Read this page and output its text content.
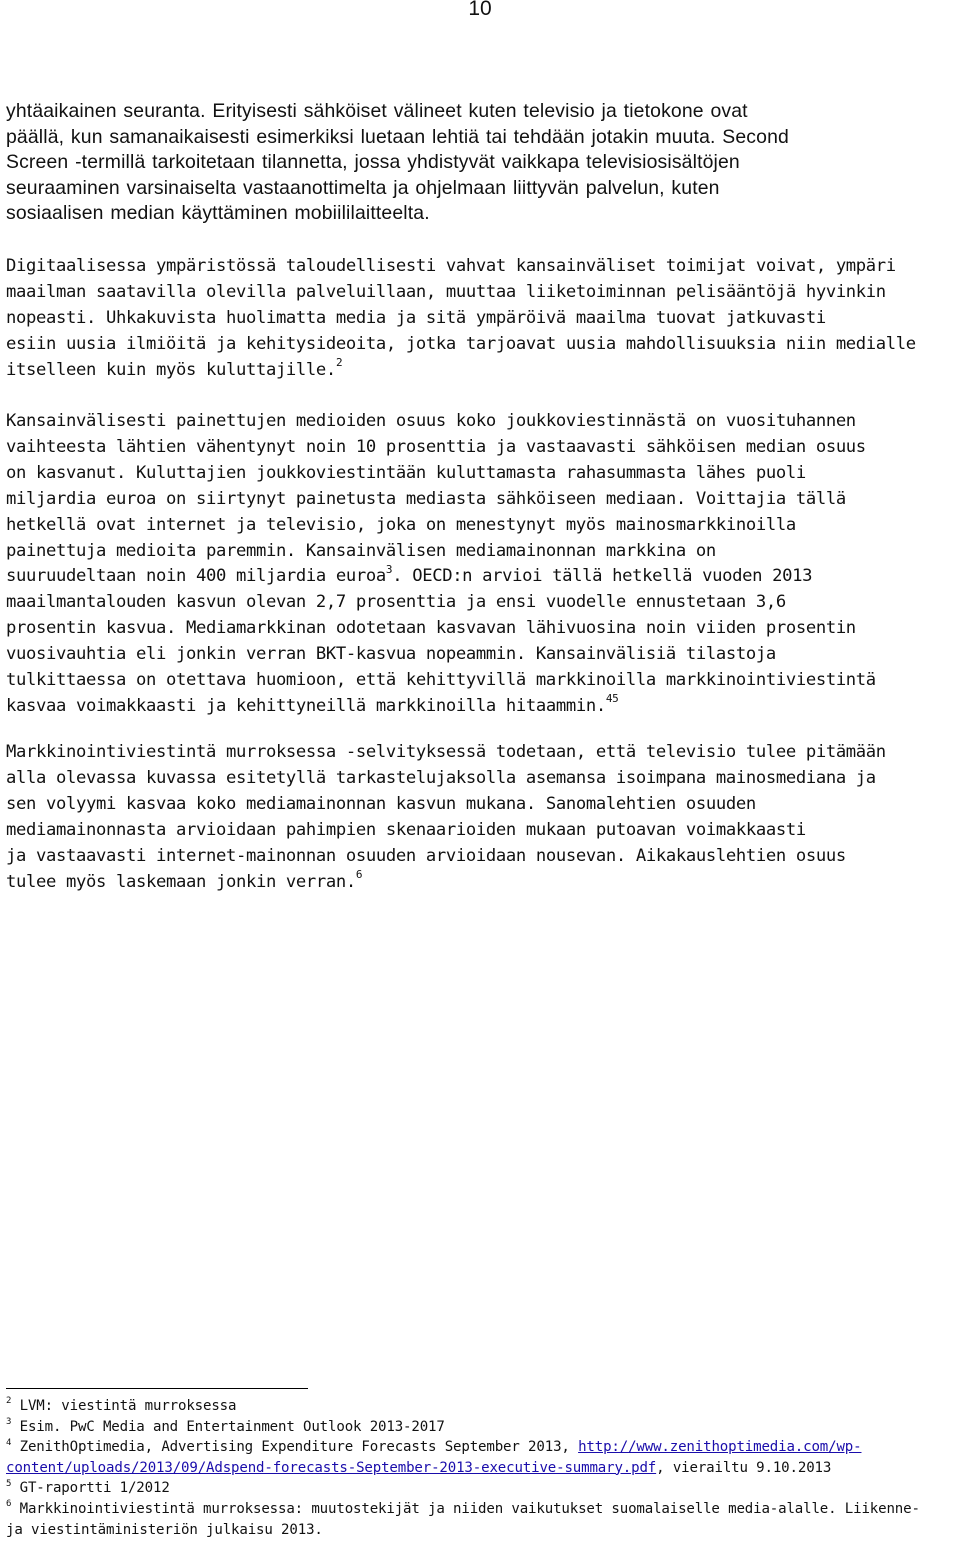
10
yhtäaikainen seuranta. Erityisesti sähköiset välineet kuten televisio ja tietokone ovat
päällä, kun samanaikaisesti esimerkiksi luetaan lehtiä tai tehdään jotakin muuta. Second
Screen -termillä tarkoitetaan tilannetta, jossa yhdistyvät vaikkapa televisiosisältöjen
seuraaminen varsinaiselta vastaanottimelta ja ohjelmaan liittyvän palvelun, kuten
sosiaalisen median käyttäminen mobiililaitteelta.
Digitaalisessa ympäristössä taloudellisesti vahvat kansainväliset toimijat voivat, ympäri
maailman saatavilla olevilla palveluillaan, muuttaa liiketoiminnan pelisääntöjä hyvinkin
nopeasti. Uhkakuvista huolimatta media ja sitä ympäröivä maailma tuovat jatkuvasti
esiin uusia ilmiöitä ja kehitysideoita, jotka tarjoavat uusia mahdollisuuksia niin medialle
itselleen kuin myös kuluttajille.$^2$
Kansainvälisesti painettujen medioiden osuus koko joukkoviestinnästä on vuosituhannen
vaihteesta lähtien vähentynyt noin 10 prosenttia ja vastaavasti sähköisen median osuus
on kasvanut. Kuluttajien joukkoviestintään kuluttamasta rahasummasta lähes puoli
miljardia euroa on siirtynyt painetusta mediasta sähköiseen mediaan. Voittajia tällä
hetkellä ovat internet ja televisio, joka on menestynyt myös mainosmarkkinoilla
painettuja medioita paremmin. Kansainvälisen mediamainonnan markkina on
suuruudeltaan noin 400 miljardia euroa$^3$. OECD:n arvioi tällä hetkellä vuoden 2013
maailmantalouden kasvun olevan 2,7 prosenttia ja ensi vuodelle ennustetaan 3,6
prosentin kasvua. Mediamarkkinan odotetaan kasvavan lähivuosina noin viiden prosentin
vuosivauhtia eli jonkin verran BKT-kasvua nopeammin. Kansainvälisiä tilastoja
tulkittaessa on otettava huomioon, että kehittyvillä markkinoilla markkinointiviestintä
kasvaa voimakkaasti ja kehittyneillä markkinoilla hitaammin.$^{45}$
Markkinointiviestintä murroksessa -selvityksessä todetaan, että televisio tulee pitämään
alla olevassa kuvassa esitetyllä tarkastelujaksolla asemansa isoimpana mainosmediana ja
sen volyymi kasvaa koko mediamainonnan kasvun mukana. Sanomalehtien osuuden
mediamainonnasta arvioidaan pahimpien skenaarioiden mukaan putoavan voimakkaasti
ja vastaavasti internet-mainonnan osuuden arvioidaan nousevan. Aikakauslehtien osuus
tulee myös laskemaan jonkin verran.$^6$
$^2$ LVM: viestintä murroksessa
$^3$ Esim. PwC Media and Entertainment Outlook 2013-2017
$^4$ ZenithOptimedia, Advertising Expenditure Forecasts September 2013, http://www.zenithoptimedia.com/wp-
content/uploads/2013/09/Adspend-forecasts-September-2013-executive-summary.pdf, vierailtu 9.10.2013
$^5$ GT-raportti 1/2012
$^6$ Markkinointiviestintä murroksessa: muutostekijät ja niiden vaikutukset suomalaiselle media-alalle. Liikenne-
ja viestintäministeriön julkaisu 2013.
